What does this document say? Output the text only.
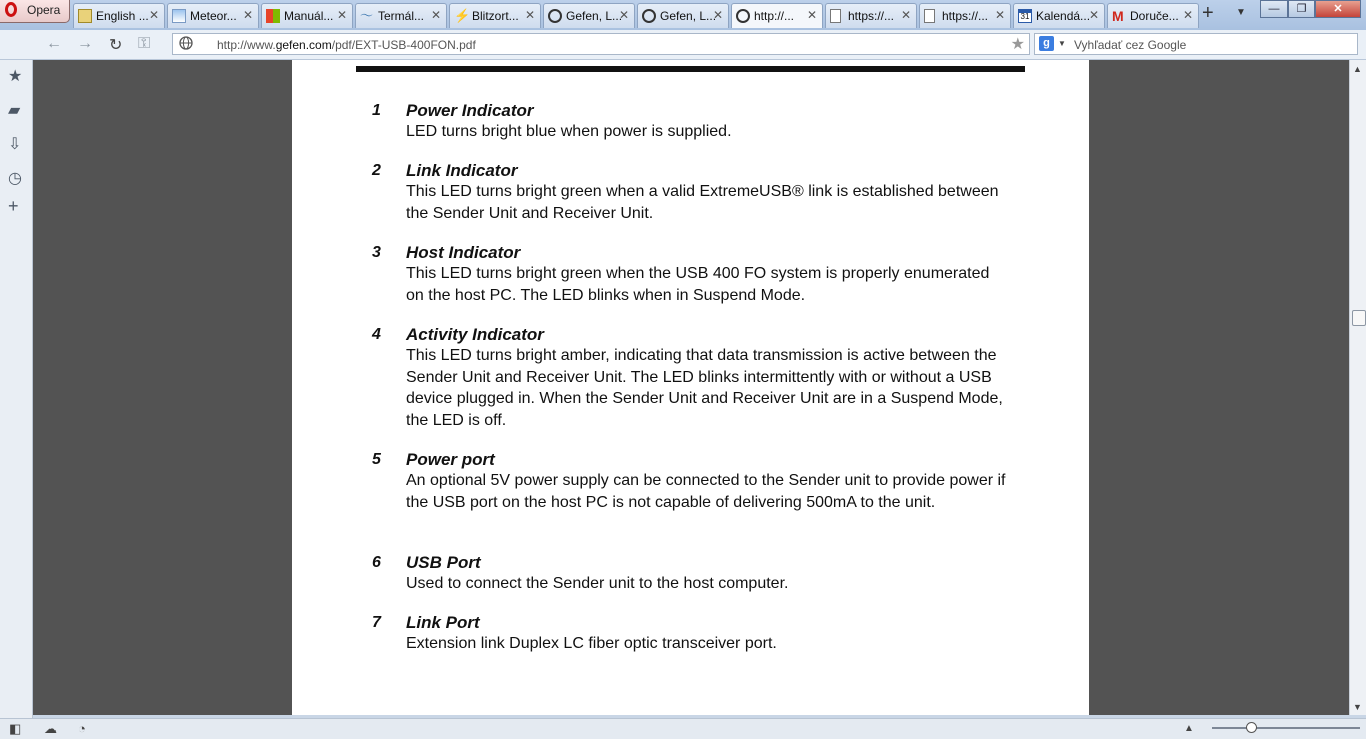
Opera	English ... ✕	Meteor... ✕	Manuál... ✕ 〜 Termál... ✕ ⚡ Blitzort... ✕	Gefen, L...
✕	Gefen, L...
✕	http://...	✕	https://... ✕	https://... ✕	31 Kalendá...
✕ M Doruče... ✕ + ▼	—	❐	✕
← → ↻ ⚿	http://www.gefen.com/pdf/EXT-USB-400FON.pdf	★	g	▼ Vyhľadať cez Google
★
▰
⇩
◷
+
1 Power Indicator
LED turns bright blue when power is supplied.
2 Link Indicator
This LED turns bright green when a valid ExtremeUSB® link is established between the Sender Unit and Receiver Unit.
3 Host Indicator
This LED turns bright green when the USB 400 FO system is properly enumerated on the host PC. The LED blinks when in Suspend Mode.
4 Activity Indicator
This LED turns bright amber, indicating that data transmission is active between the Sender Unit and Receiver Unit. The LED blinks intermittently with or without a USB device plugged in. When the Sender Unit and Receiver Unit are in a Suspend Mode, the LED is off.
5 Power port
An optional 5V power supply can be connected to the Sender unit to provide power if the USB port on the host PC is not capable of delivering 500mA to the unit.
6 USB Port
Used to connect the Sender unit to the host computer.
7 Link Port
Extension link Duplex LC fiber optic transceiver port.
▲
▼
◧ ☁ ◔	▲
